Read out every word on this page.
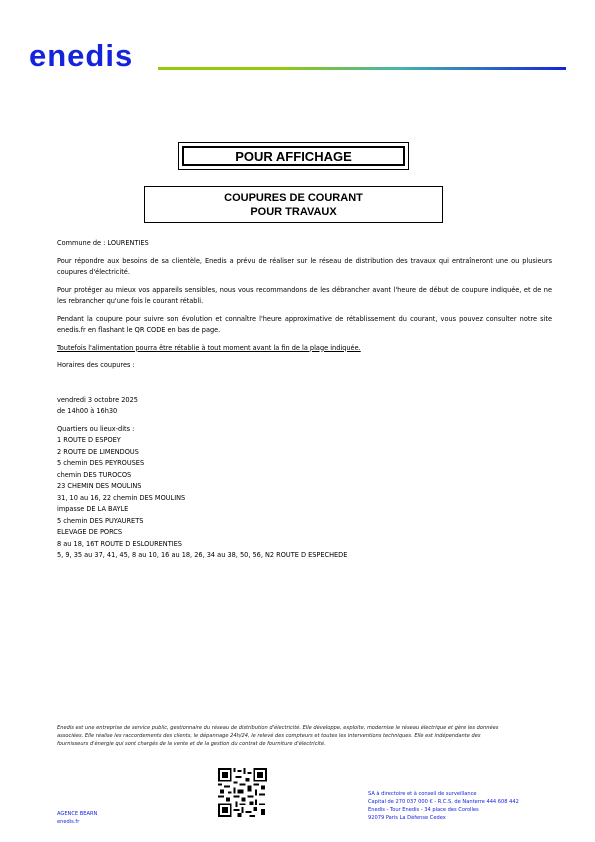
enedis
POUR AFFICHAGE
COUPURES DE COURANT
POUR TRAVAUX

Commune de : LOURENTIES

Pour répondre aux besoins de sa clientèle, Enedis a prévu de réaliser sur le réseau de distribution des travaux qui entraîneront une ou plusieurs coupures d'électricité.

Pour protéger au mieux vos appareils sensibles, nous vous recommandons de les débrancher avant l'heure de début de coupure indiquée, et de ne les rebrancher qu'une fois le courant rétabli.

Pendant la coupure pour suivre son évolution et connaître l'heure approximative de rétablissement du courant, vous pouvez consulter notre site enedis.fr en flashant le QR CODE en bas de page.

Toutefois l'alimentation pourra être rétablie à tout moment avant la fin de la plage indiquée.

Horaires des coupures :

vendredi 3 octobre 2025

de 14h00 à 16h30

Quartiers ou lieux-dits :

1 ROUTE D ESPOEY
2 ROUTE DE LIMENDOUS
5 chemin DES PEYROUSES
chemin DES TUROCOS
23 CHEMIN DES MOULINS
31, 10 au 16, 22 chemin DES MOULINS
impasse DE LA BAYLE
5 chemin DES PUYAURETS
ELEVAGE DE PORCS
8 au 18, 16T ROUTE D ESLOURENTIES
5, 9, 35 au 37, 41, 45, 8 au 10, 16 au 18, 26, 34 au 38, 50, 56, N2 ROUTE D ESPECHEDE
Enedis est une entreprise de service public, gestionnaire du réseau de distribution d'électricité. Elle développe, exploite, modernise le réseau électrique et gère les données
associées. Elle réalise les raccordements des clients, le dépannage 24h/24, le relevé des compteurs et toutes les interventions techniques. Elle est indépendante des
fournisseurs d'énergie qui sont chargés de la vente et de la gestion du contrat de fourniture d'électricité.
AGENCE BEARN
enedis.fr
SA à directoire et à conseil de surveillance
Capital de 270 037 000 € - R.C.S. de Nanterre 444 608 442
Enedis - Tour Enedis - 34 place des Corolles
92079 Paris La Défense Cedex
